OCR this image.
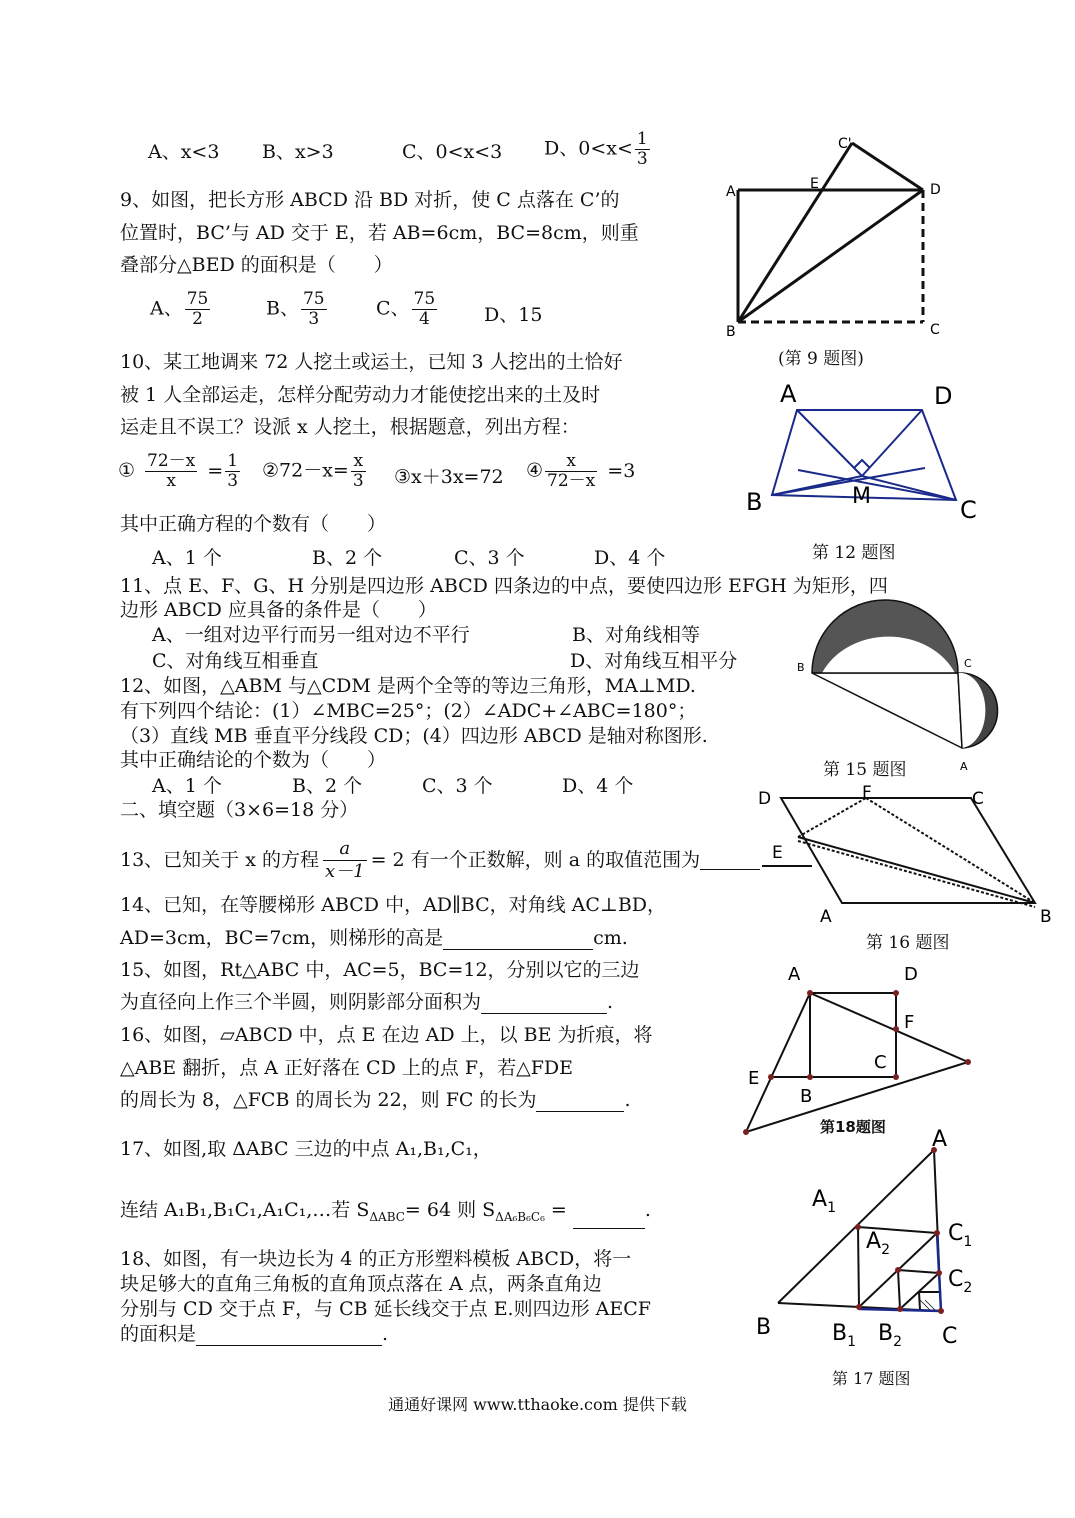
A、x<3 B、x>3	C、0<x<3 D、$0<x< \frac{1}{3}$
9、如图，把长方形 ABCD 沿 BD 对折，使 C 点落在 C’的
位置时，BC’与 AD 交于 E，若 AB=6cm，BC=8cm，则重
叠部分△BED 的面积是（　　）
A、 $\frac{75}{2}$	B、 $\frac{75}{3}$	C、 $\frac{75}{4}$ D、15
10、某工地调来 72 人挖土或运土，已知 3 人挖出的土恰好
被 1 人全部运走，怎样分配劳动力才能使挖出来的土及时
运走且不误工？设派 x 人挖土，根据题意，列出方程：
① $\frac{72-x}{x} = \frac{1}{3}$ ②72－x= $\frac{x}{3}$ ③x＋3x=72 ④ $\frac{x}{72-x} =3$
其中正确方程的个数有（　　）
A、1 个	B、2 个	C、3 个	D、4 个
11、点 E、F、G、H 分别是四边形 ABCD 四条边的中点，要使四边形 EFGH 为矩形，四
边形 ABCD 应具备的条件是（　　）
A、一组对边平行而另一组对边不平行	B、对角线相等
C、对角线互相垂直	D、对角线互相平分
12、如图，△ABM 与△CDM 是两个全等的等边三角形，MA⊥MD.
有下列四个结论：(1）∠MBC=25°；(2）∠ADC+∠ABC=180°；
（3）直线 MB 垂直平分线段 CD；(4）四边形 ABCD 是轴对称图形.
其中正确结论的个数为（　　）
A、1 个	B、2 个	C、3 个	D、4 个
二、填空题（3×6=18 分）
13、已知关于 x 的方程 $\frac{a}{x-1} = 2$ 有一个正数解，则 a 的取值范围为
14、已知，在等腰梯形 ABCD 中，AD∥BC，对角线 AC⊥BD，
AD=3cm，BC=7cm，则梯形的高是	cm.
15、如图，Rt△ABC 中，AC=5，BC=12，分别以它的三边
为直径向上作三个半圆，则阴影部分面积为	.
16、如图，▱ABCD 中，点 E 在边 AD 上，以 BE 为折痕，将
△ABE 翻折，点 A 正好落在 CD 上的点 F，若△FDE
的周长为 8，△FCB 的周长为 22，则 FC 的长为	.
17、如图,取 ΔABC 三边的中点 A₁,B₁,C₁，
连结 A₁B₁,B₁C₁,A₁C₁,…若 $S_{\Delta ABC}= 64$ 则 $S_{\Delta A_6B_6C_6}$ =	.
18、如图，有一块边长为 4 的正方形塑料模板 ABCD，将一
块足够大的直角三角板的直角顶点落在 A 点，两条直角边
分别与 CD 交于点 F，与 CB 延长线交于点 E.则四边形 AECF
的面积是	.
A	E	D
C'
B	C
(第 9 题图)
A	D
B	C
M
第 12 题图
B	C
A
第 15 题图
D	F	C
E
A	B
第 16 题图
A	D
F
C
E
B
第18题图 A
$A_1$
$A_2$
$C_1$
$C_2$
B	$B_1$ $B_2$ C
第 17 题图
通通好课网 www.tthaoke.com 提供下载
